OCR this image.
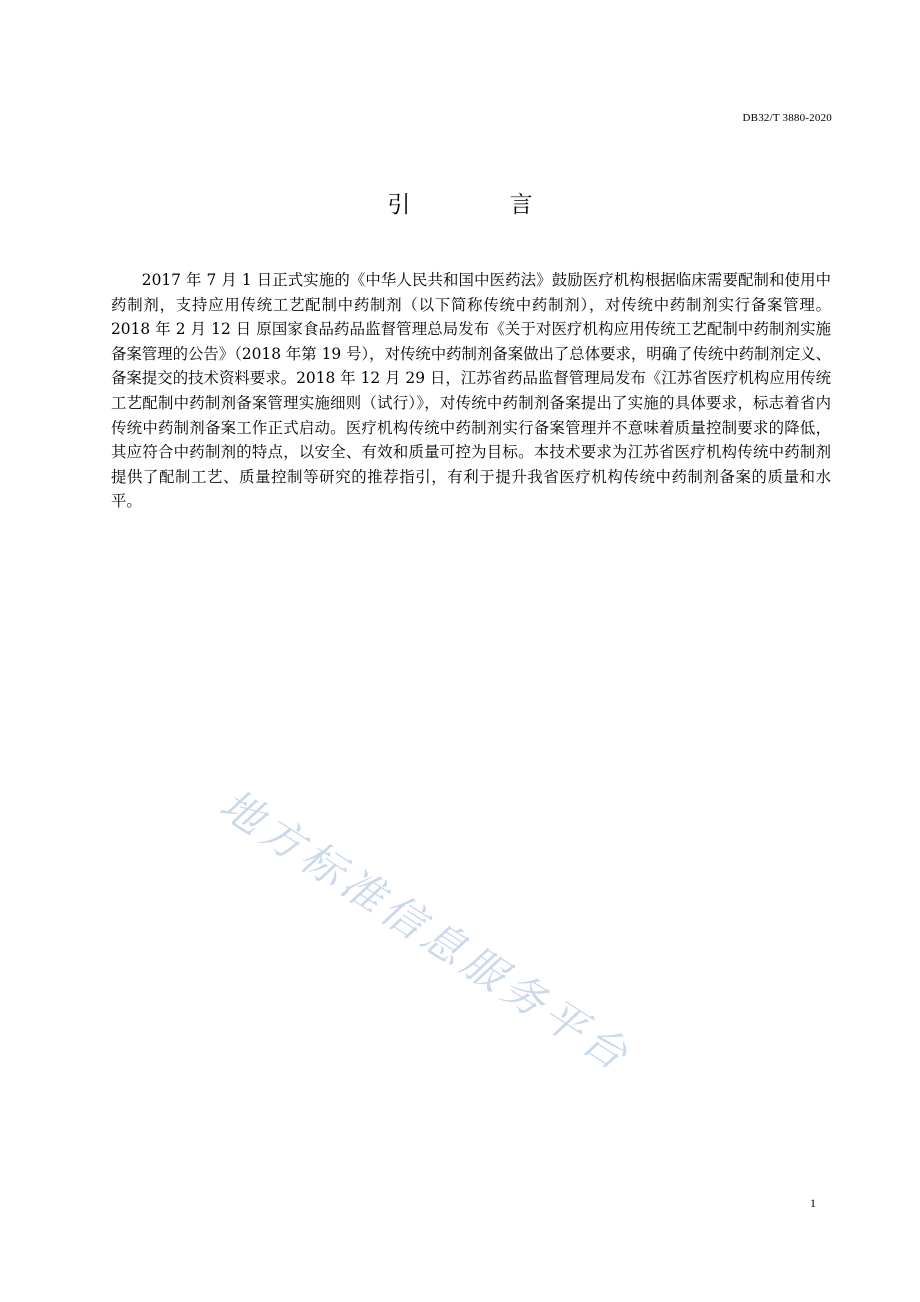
DB32/T 3880-2020
引 言

2017 年 7 月 1 日正式实施的《中华人民共和国中医药法》鼓励医疗机构根据临床需要配制和使用中药制剂，支持应用传统工艺配制中药制剂（以下简称传统中药制剂），对传统中药制剂实行备案管理。2018 年 2 月 12 日 原国家食品药品监督管理总局发布《关于对医疗机构应用传统工艺配制中药制剂实施备案管理的公告》（2018 年第 19 号），对传统中药制剂备案做出了总体要求，明确了传统中药制剂定义、备案提交的技术资料要求。2018 年 12 月 29 日，江苏省药品监督管理局发布《江苏省医疗机构应用传统工艺配制中药制剂备案管理实施细则（试行）》，对传统中药制剂备案提出了实施的具体要求，标志着省内传统中药制剂备案工作正式启动。医疗机构传统中药制剂实行备案管理并不意味着质量控制要求的降低，其应符合中药制剂的特点，以安全、有效和质量可控为目标。本技术要求为江苏省医疗机构传统中药制剂提供了配制工艺、质量控制等研究的推荐指引，有利于提升我省医疗机构传统中药制剂备案的质量和水平。

地方标准信息服务平台
1
